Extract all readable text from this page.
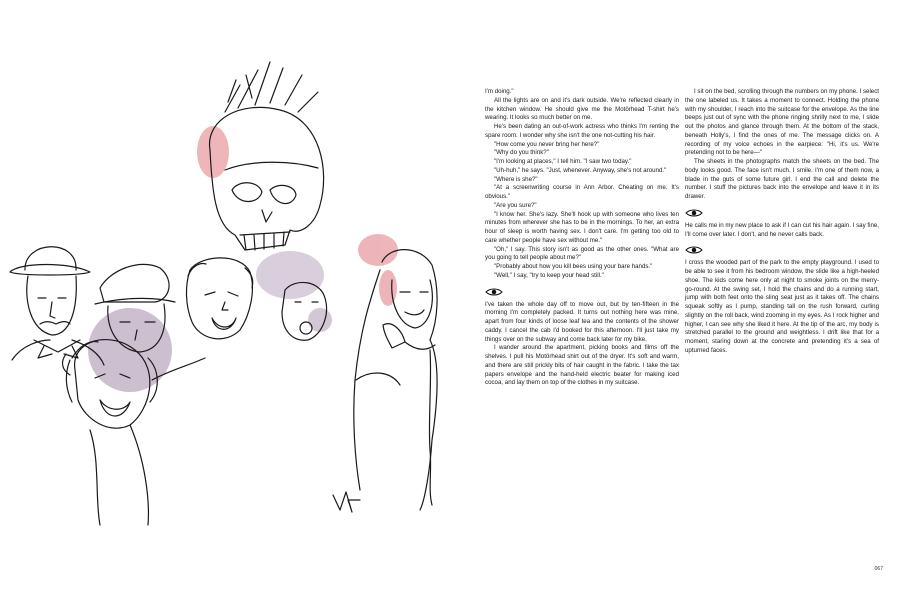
I'm doing."

All the lights are on and it's dark outside. We're reflected clearly in the kitchen window. He should give me the Motörhead T-shirt he's wearing. It looks so much better on me.

He's been dating an out-of-work actress who thinks I'm renting the spare room. I wonder why she isn't the one not-cutting his hair.

"How come you never bring her here?"

"Why do you think?"

"I'm looking at places," I tell him. "I saw two today."

"Uh-huh," he says. "Just, whenever. Anyway, she's not around."

"Where is she?"

"At a screenwriting course in Ann Arbor. Cheating on me. It's obvious."

"Are you sure?"

"I know her. She's lazy. She'll hook up with someone who lives ten minutes from wherever she has to be in the mornings. To her, an extra hour of sleep is worth having sex. I don't care. I'm getting too old to care whether people have sex without me."

"Oh," I say. This story isn't as good as the other ones. "What are you going to tell people about me?"

"Probably about how you kill bees using your bare hands."

"Well," I say, "try to keep your head still."

I've taken the whole day off to move out, but by ten-fifteen in the morning I'm completely packed. It turns out nothing here was mine, apart from four kinds of loose leaf tea and the contents of the shower caddy. I cancel the cab I'd booked for this afternoon. I'll just take my things over on the subway and come back later for my bike.

I wander around the apartment, picking books and films off the shelves. I pull his Motörhead shirt out of the dryer. It's soft and warm, and there are still prickly bits of hair caught in the fabric. I take the tax papers envelope and the hand-held electric beater for making iced cocoa, and lay them on top of the clothes in my suitcase.

I sit on the bed, scrolling through the numbers on my phone. I select the one labeled us. It takes a moment to connect. Holding the phone with my shoulder, I reach into the suitcase for the envelope. As the line beeps just out of sync with the phone ringing shrilly next to me, I slide out the photos and glance through them. At the bottom of the stack, beneath Holly's, I find the ones of me. The message clicks on. A recording of my voice echoes in the earpiece: "Hi, it's us. We're pretending not to be here—"

The sheets in the photographs match the sheets on the bed. The body looks good. The face isn't much. I smile. I'm one of them now, a blade in the guts of some future girl. I end the call and delete the number. I stuff the pictures back into the envelope and leave it in its drawer.

He calls me in my new place to ask if I can cut his hair again. I say fine, I'll come over later. I don't, and he never calls back.

I cross the wooded part of the park to the empty playground. I used to be able to see it from his bedroom window, the slide like a high-heeled shoe. The kids come here only at night to smoke joints on the merry-go-round. At the swing set, I hold the chains and do a running start, jump with both feet onto the sling seat just as it takes off. The chains squeak softly as I pump, standing tall on the rush forward, curling slightly on the roll back, wind zooming in my eyes. As I rock higher and higher, I can see why she liked it here. At the tip of the arc, my body is stretched parallel to the ground and weightless. I drift like that for a moment, staring down at the concrete and pretending it's a sea of upturned faces.

067
